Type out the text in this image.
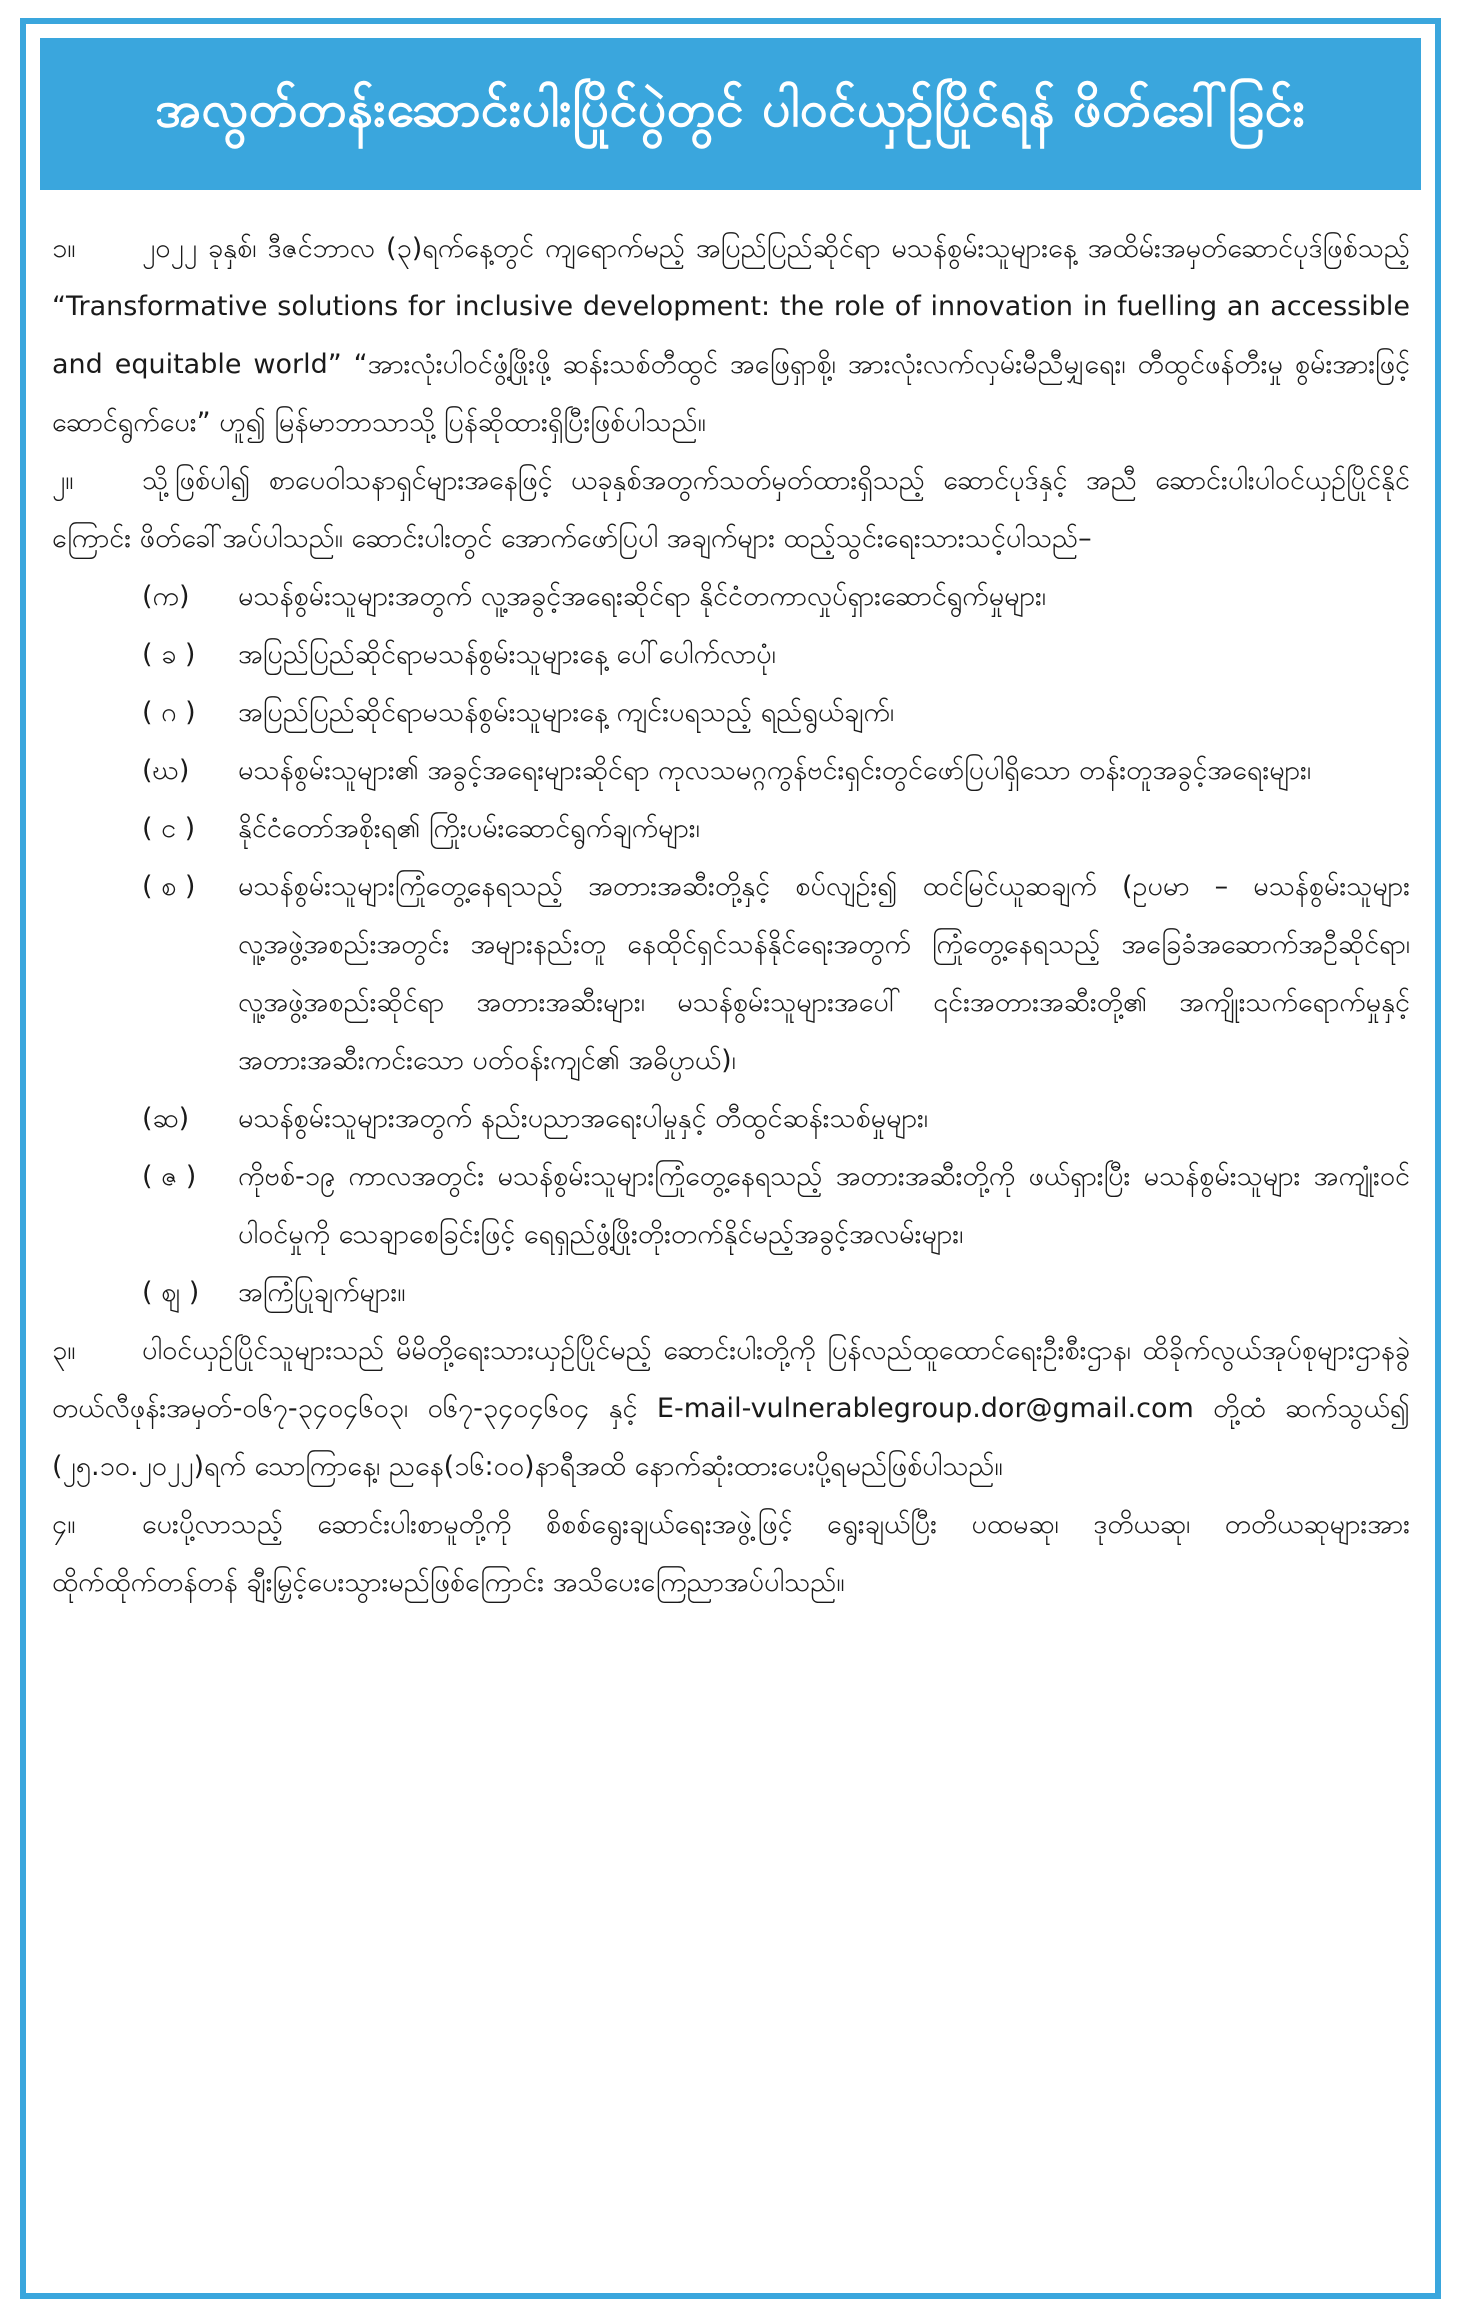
အလွတ်တန်းဆောင်းပါးပြိုင်ပွဲတွင် ပါဝင်ယှဉ်ပြိုင်ရန် ဖိတ်ခေါ်ခြင်း

၁။ ၂၀၂၂ ခုနှစ်၊ ဒီဇင်ဘာလ (၃)ရက်နေ့တွင် ကျရောက်မည့် အပြည်ပြည်ဆိုင်ရာ မသန်စွမ်းသူများနေ့ အထိမ်းအမှတ်ဆောင်ပုဒ်ဖြစ်သည့် “Transformative solutions for inclusive development: the role of innovation in fuelling an accessible and equitable world” “အားလုံးပါဝင်ဖွံ့ဖြိုးဖို့ ဆန်းသစ်တီထွင် အဖြေရှာစို့၊ အားလုံးလက်လှမ်းမီညီမျှရေး၊ တီထွင်ဖန်တီးမှု စွမ်းအားဖြင့် ဆောင်ရွက်ပေး” ဟူ၍ မြန်မာဘာသာသို့ ပြန်ဆိုထားရှိပြီးဖြစ်ပါသည်။

၂။	သို့ဖြစ်ပါ၍ စာပေဝါသနာရှင်များအနေဖြင့် ယခုနှစ်အတွက်သတ်မှတ်ထားရှိသည့် ဆောင်ပုဒ်နှင့် အညီ ဆောင်းပါးပါဝင်ယှဉ်ပြိုင်နိုင်ကြောင်း ဖိတ်ခေါ်အပ်ပါသည်။ ဆောင်းပါးတွင် အောက်ဖော်ပြပါ အချက်များ ထည့်သွင်းရေးသားသင့်ပါသည်–

(က)	မသန်စွမ်းသူများအတွက် လူ့အခွင့်အရေးဆိုင်ရာ နိုင်ငံတကာလှုပ်ရှားဆောင်ရွက်မှုများ၊
( ခ )	အပြည်ပြည်ဆိုင်ရာမသန်စွမ်းသူများနေ့ ပေါ်ပေါက်လာပုံ၊
( ဂ )	အပြည်ပြည်ဆိုင်ရာမသန်စွမ်းသူများနေ့ ကျင်းပရသည့် ရည်ရွယ်ချက်၊
(ဃ)	မသန်စွမ်းသူများ၏ အခွင့်အရေးများဆိုင်ရာ ကုလသမဂ္ဂကွန်ဗင်းရှင်းတွင်ဖော်ပြပါရှိသော တန်းတူအခွင့်အရေးများ၊
( င )	နိုင်ငံတော်အစိုးရ၏ ကြိုးပမ်းဆောင်ရွက်ချက်များ၊
( စ )	မသန်စွမ်းသူများကြုံတွေ့နေရသည့် အတားအဆီးတို့နှင့် စပ်လျဉ်း၍ ထင်မြင်ယူဆချက် (ဥပမာ – မသန်စွမ်းသူများ လူ့အဖွဲ့အစည်းအတွင်း အများနည်းတူ နေထိုင်ရှင်သန်နိုင်ရေးအတွက် ကြုံတွေ့နေရသည့် အခြေခံအဆောက်အဦဆိုင်ရာ၊ လူ့အဖွဲ့အစည်းဆိုင်ရာ အတားအဆီးများ၊ မသန်စွမ်းသူများအပေါ် ၎င်းအတားအဆီးတို့၏ အကျိုးသက်ရောက်မှုနှင့် အတားအဆီးကင်းသော ပတ်ဝန်းကျင်၏ အဓိပ္ပာယ်)၊
(ဆ)	မသန်စွမ်းသူများအတွက် နည်းပညာအရေးပါမှုနှင့် တီထွင်ဆန်းသစ်မှုများ၊
( ဇ )	ကိုဗစ်-၁၉ ကာလအတွင်း မသန်စွမ်းသူများကြုံတွေ့နေရသည့် အတားအဆီးတို့ကို ဖယ်ရှားပြီး မသန်စွမ်းသူများ အကျုံးဝင်ပါဝင်မှုကို သေချာစေခြင်းဖြင့် ရေရှည်ဖွံ့ဖြိုးတိုးတက်နိုင်မည့်အခွင့်အလမ်းများ၊
( ဈ )	အကြံပြုချက်များ။

၃။ ပါဝင်ယှဉ်ပြိုင်သူများသည် မိမိတို့ရေးသားယှဉ်ပြိုင်မည့် ဆောင်းပါးတို့ကို ပြန်လည်ထူထောင်ရေးဦးစီးဌာန၊ ထိခိုက်လွယ်အုပ်စုများဌာနခွဲ တယ်လီဖုန်းအမှတ်-၀၆၇-၃၄၀၄၆၀၃၊ ၀၆၇-၃၄၀၄၆၀၄ နှင့် E-mail-vulnerablegroup.dor@gmail.com တို့ထံ ဆက်သွယ်၍ (၂၅.၁၀.၂၀၂၂)ရက် သောကြာနေ့၊ ညနေ(၁၆:၀၀)နာရီအထိ နောက်ဆုံးထားပေးပို့ရမည်ဖြစ်ပါသည်။

၄။ ပေးပို့လာသည့် ဆောင်းပါးစာမူတို့ကို စိစစ်ရွေးချယ်ရေးအဖွဲ့ဖြင့် ရွေးချယ်ပြီး ပထမဆု၊ ဒုတိယဆု၊ တတိယဆုများအား ထိုက်ထိုက်တန်တန် ချီးမြှင့်ပေးသွားမည်ဖြစ်ကြောင်း အသိပေးကြေညာအပ်ပါသည်။
